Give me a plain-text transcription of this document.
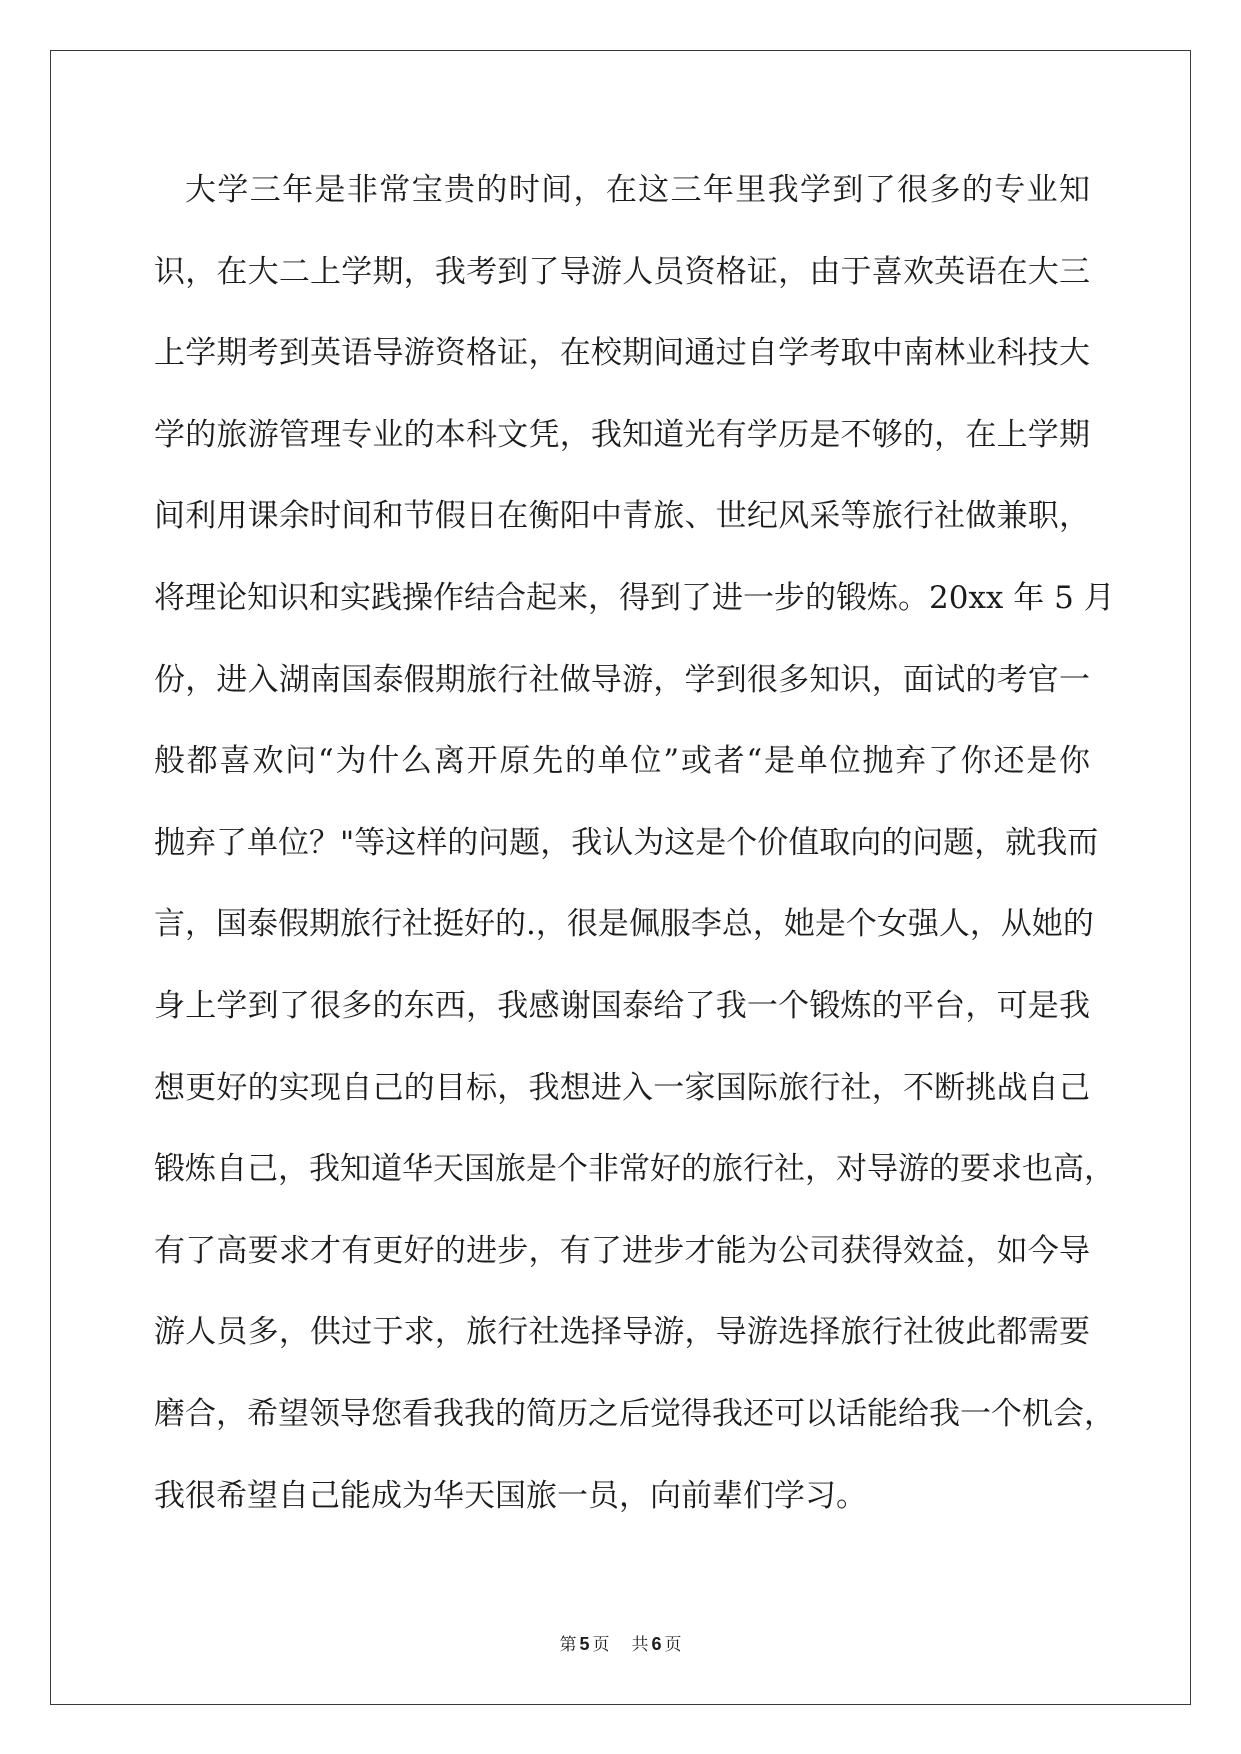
大学三年是非常宝贵的时间，在这三年里我学到了很多的专业知
识，在大二上学期，我考到了导游人员资格证，由于喜欢英语在大三
上学期考到英语导游资格证，在校期间通过自学考取中南林业科技大
学的旅游管理专业的本科文凭，我知道光有学历是不够的，在上学期
间利用课余时间和节假日在衡阳中青旅、世纪风采等旅行社做兼职，
将理论知识和实践操作结合起来，得到了进一步的锻炼。20xx 年 5 月
份，进入湖南国泰假期旅行社做导游，学到很多知识，面试的考官一
般都喜欢问“为什么离开原先的单位”或者“是单位抛弃了你还是你
抛弃了单位？"等这样的问题，我认为这是个价值取向的问题，就我而
言，国泰假期旅行社挺好的.，很是佩服李总，她是个女强人，从她的
身上学到了很多的东西，我感谢国泰给了我一个锻炼的平台，可是我
想更好的实现自己的目标，我想进入一家国际旅行社，不断挑战自己
锻炼自己，我知道华天国旅是个非常好的旅行社，对导游的要求也高，
有了高要求才有更好的进步，有了进步才能为公司获得效益，如今导
游人员多，供过于求，旅行社选择导游，导游选择旅行社彼此都需要
磨合，希望领导您看我我的简历之后觉得我还可以话能给我一个机会，
我很希望自己能成为华天国旅一员，向前辈们学习。
第 5 页 共 6 页
